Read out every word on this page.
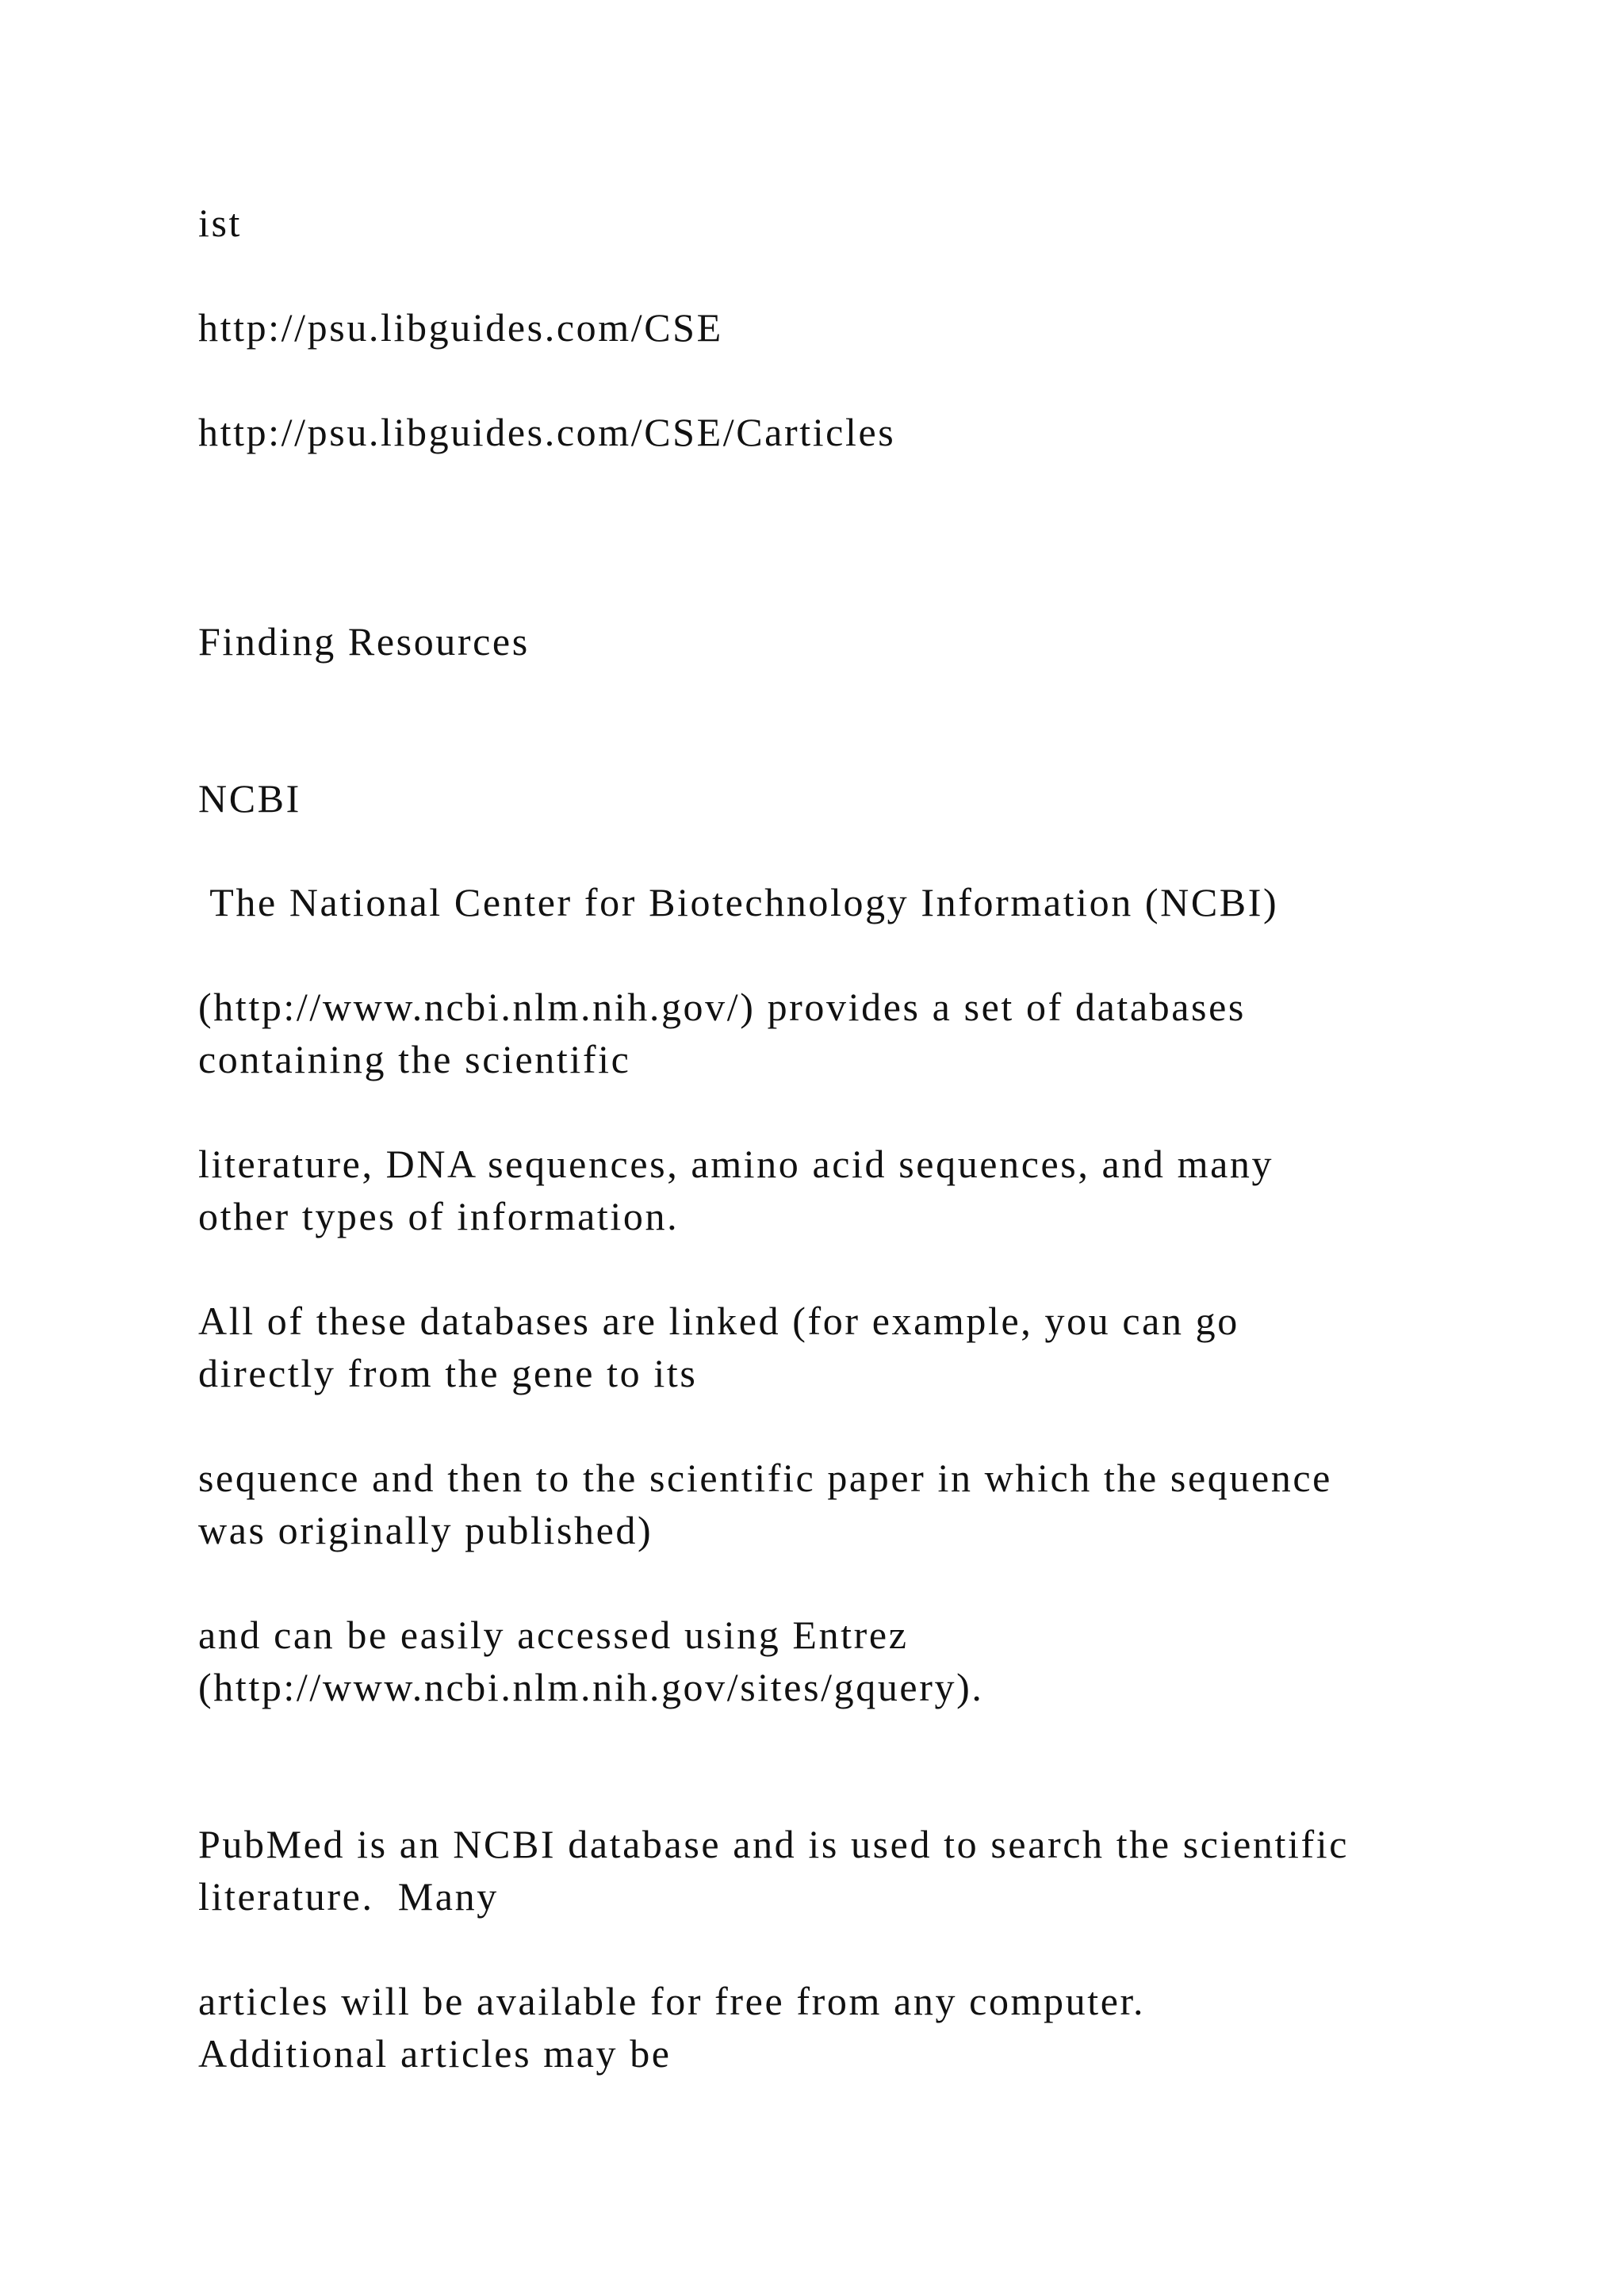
ist
http://psu.libguides.com/CSE
http://psu.libguides.com/CSE/Carticles
Finding Resources
NCBI
The National Center for Biotechnology Information (NCBI)
(http://www.ncbi.nlm.nih.gov/) provides a set of databases
containing the scientific
literature, DNA sequences, amino acid sequences, and many
other types of information.
All of these databases are linked (for example, you can go
directly from the gene to its
sequence and then to the scientific paper in which the sequence
was originally published)
and can be easily accessed using Entrez
(http://www.ncbi.nlm.nih.gov/sites/gquery).
PubMed is an NCBI database and is used to search the scientific
literature.  Many
articles will be available for free from any computer.
Additional articles may be
